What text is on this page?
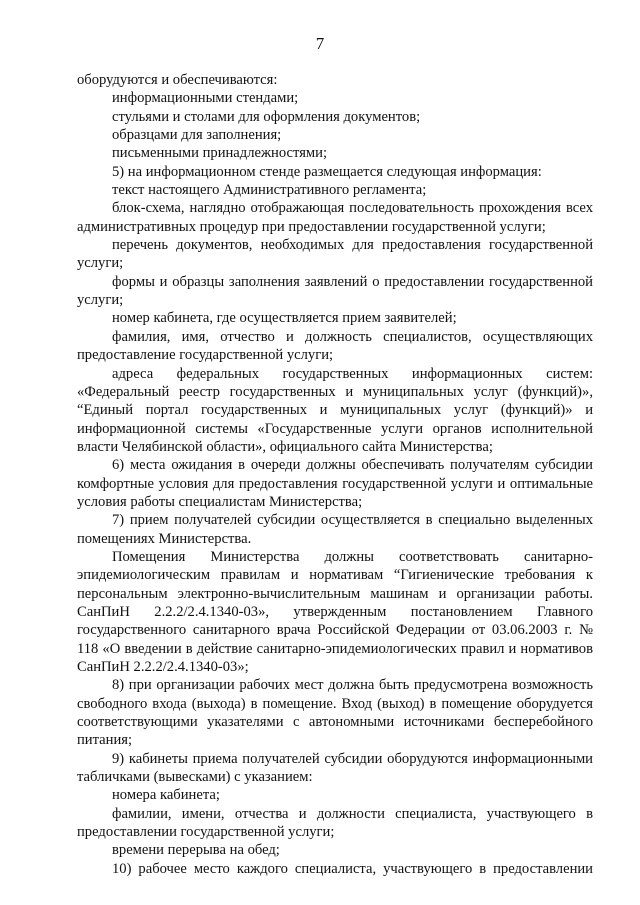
7

оборудуются и обеспечиваются:

информационными стендами;

стульями и столами для оформления документов;

образцами для заполнения;

письменными принадлежностями;

5) на информационном стенде размещается следующая информация:

текст настоящего Административного регламента;

блок-схема, наглядно отображающая последовательность прохождения всех административных процедур при предоставлении государственной услуги;

перечень документов, необходимых для предоставления государственной услуги;

формы и образцы заполнения заявлений о предоставлении государственной услуги;

номер кабинета, где осуществляется прием заявителей;

фамилия, имя, отчество и должность специалистов, осуществляющих предоставление государственной услуги;

адреса федеральных государственных информационных систем: «Федеральный реестр государственных и муниципальных услуг (функций)», “Единый портал государственных и муниципальных услуг (функций)» и информационной системы «Государственные услуги органов исполнительной власти Челябинской области», официального сайта Министерства;

6) места ожидания в очереди должны обеспечивать получателям субсидии комфортные условия для предоставления государственной услуги и оптимальные условия работы специалистам Министерства;

7) прием получателей субсидии осуществляется в специально выделенных помещениях Министерства.

Помещения Министерства должны соответствовать санитарно-эпидемиологическим правилам и нормативам “Гигиенические требования к персональным электронно-вычислительным машинам и организации работы. СанПиН 2.2.2/2.4.1340-03», утвержденным постановлением Главного государственного санитарного врача Российской Федерации от 03.06.2003 г. № 118 «О введении в действие санитарно-эпидемиологических правил и нормативов СанПиН 2.2.2/2.4.1340-03»;

8) при организации рабочих мест должна быть предусмотрена возможность свободного входа (выхода) в помещение. Вход (выход) в помещение оборудуется соответствующими указателями с автономными источниками бесперебойного питания;

9) кабинеты приема получателей субсидии оборудуются информационными табличками (вывесками) с указанием:

номера кабинета;

фамилии, имени, отчества и должности специалиста, участвующего в предоставлении государственной услуги;

времени перерыва на обед;

10) рабочее место каждого специалиста, участвующего в предоставлении
